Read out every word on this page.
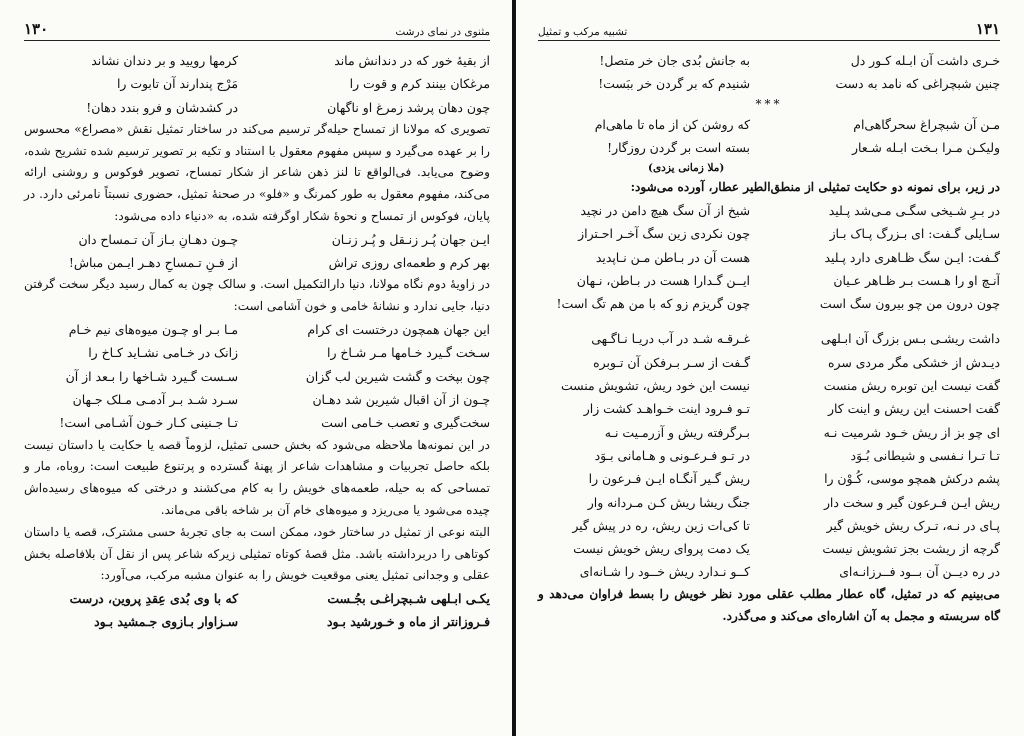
۱۳۰	مثنوی در نمای درشت
از بقیهٔ خور که در دندانش ماند
کرمها رویید و بر دندان نشاند
مرغکان بینند کرم و قوت را
مَرْج پندارند آن تابوت را
چون دهان پرشد زمرغ او ناگهان
در کشدشان و فرو بندد دهان!
تصویری که مولانا از تمساح حیله‌گر ترسیم می‌کند در ساختار تمثیل نقش «مصراع» محسوس را بر عهده می‌گیرد و سپس مفهوم معقول با استناد و تکیه بر تصویر ترسیم شده تشریح شده، وضوح می‌یابد. فی‌الواقع تا لنز ذهن شاعر از شکار تمساح، تصویر فوکوس و روشنی ارائه می‌کند، مفهوم معقول به طور کمرنگ و «فلو» در صحنهٔ تمثیل، حضوری نسبتاً نامرئی دارد. در پایان، فوکوس از تمساح و نحوهٔ شکار اوگرفته شده، به «دنیاء داده می‌شود:
ایـن جهان پُـر زنـقل و پُـر زنـان
چـون دهـانِ بـاز آن تـمساح دان
بهر کرم و طعمه‌ای روزی تراش
از فـنِ تـمساحِ دهـر ایـمن مباش!
در زاویهٔ دوم نگاه مولانا، دنیا دارالتکمیل است. و سالک چون به کمال رسید دیگر سخت گرفتن دنیا، جایی ندارد و نشانهٔ خامی و خون آشامی است:
این جهان همچون درختست ای کرام
مـا بـر او چـون میوه‌های نیم خـام
سـخت گـیرد خـامها مـر شـاخ را
زانک در خـامی نشـاید کـاخ را
چون بپخت و گشت شیرین لب گزان
سـست گـیرد شـاخها را بـعد از آن
چـون از آن اقبال شیرین شد دهـان
سـرد شـد بـر آدمـی مـلک جـهان
سخت‌گیری و تعصب خـامی است
تـا جـنینی کـار خـون آشـامی است!
در این نمونه‌ها ملاحظه می‌شود که بخش حسی تمثیل، لزوماً قصه یا حکایت یا داستان نیست بلکه حاصل تجربیات و مشاهدات شاعر از پهنهٔ گسترده و پرتنوع طبیعت است: روباه، مار و تمساحی که به حیله، طعمه‌های خویش را به کام می‌کشند و درختی که میوه‌های رسیده‌اش چیده می‌شود یا می‌ریزد و میوه‌های خام آن بر شاخه باقی می‌ماند.
البته نوعی از تمثیل در ساختار خود، ممکن است به جای تجربهٔ حسی مشترک، قصه یا داستان کوتاهی را دربرداشته باشد. مثل قصهٔ کوتاه تمثیلی زیرکه شاعر پس از نقل آن بلافاصله بخش عقلی و وجدانی تمثیل یعنی موقعیت خویش را به عنوان مشبه مرکب، می‌آورد:
یکـی ابـلهی شـبچراغـی بجُـست
که با وی بُدی عِقدِ پروین، درست
فـروزانتر از ماه و خـورشید بـود
سـزاوار بـازوی جـمشید بـود
تشبیه مرکب و تمثیل	۱۳۱
خـری داشت آن ابـله کـور دل
به جانش بُدی جان خر متصل!
چنین شبچراغی که نامد به دست
شنیدم که بر گردن خر ببَست!
***
مـن آن شبچراغ سحرگاهی‌ام
که روشن کن از ماه تا ماهی‌ام
ولیکـن مـرا بـخت ابـله شـعار
بسته است بر گردن روزگار!
(ملا زمانی یزدی)
در زیر، برای نمونه دو حکایت تمثیلی از منطق‌الطیر عطار، آورده می‌شود:
در بـرِ شـیخی سگـی مـی‌شد پـلید
شیخ از آن سگ هیچ دامن در نچید
سـایلی گـفت: ای بـزرگ پـاک بـاز
چون نکردی زین سگ آخـر احـتراز
گـفت: ایـن سگ ظـاهری دارد پـلید
هست آن در بـاطن مـن نـاپدید
آنـچ او را هـست بـر ظـاهر عـیان
ایــن گـدارا هست در بـاطن، نـهان
چون درون من چو بیرون سگ است
چون گریزم زو که با من هم تگ است!
داشت ریشـی بـس بزرگ آن ابـلهی
غـرقـه شـد در آب دریـا نـاگـهی
دیـدش از خشکی مگر مردی سره
گـفت از سـر بـرفکن آن تـوبره
گفت نیست این توبره ریش منست
نیست این خود ریش، تشویش منست
گفت احسنت این ریش و اینت کار
تـو فـرود اینت خـواهـد کشت زار
ای چو بز از ریش خـود شرمیت نـه
بـرگرفته ریش و آزرمـیت نـه
تـا تـرا نـفسی و شیطانی بُـوَد
در تـو فـرعـونی و هـامانی بـوَد
پشم درکش همچو موسی، کُـوْن را
ریش گـیر آنگـاه ایـن فـرعون را
ریش ایـن فـرعون گیر و سخت دار
جنگ ریشا ریش کـن مـردانه وار
پـای در نـه، تـرک ریش خویش گیر
تا کی‌ات زین ریش، ره در پیش گیر
گرچه از ریشت بجز تشویش نیست
یک دمت پروای ریش خویش نیست
در ره دیــن آن بــود فــرزانـه‌ای
کــو نـدارد ریش خــود را شـانه‌ای
می‌بینیم که در تمثیل، گاه عطار مطلب عقلی مورد نظر خویش را بسط فراوان می‌دهد و گاه سربسته و مجمل به آن اشاره‌ای می‌کند و می‌گذرد.
